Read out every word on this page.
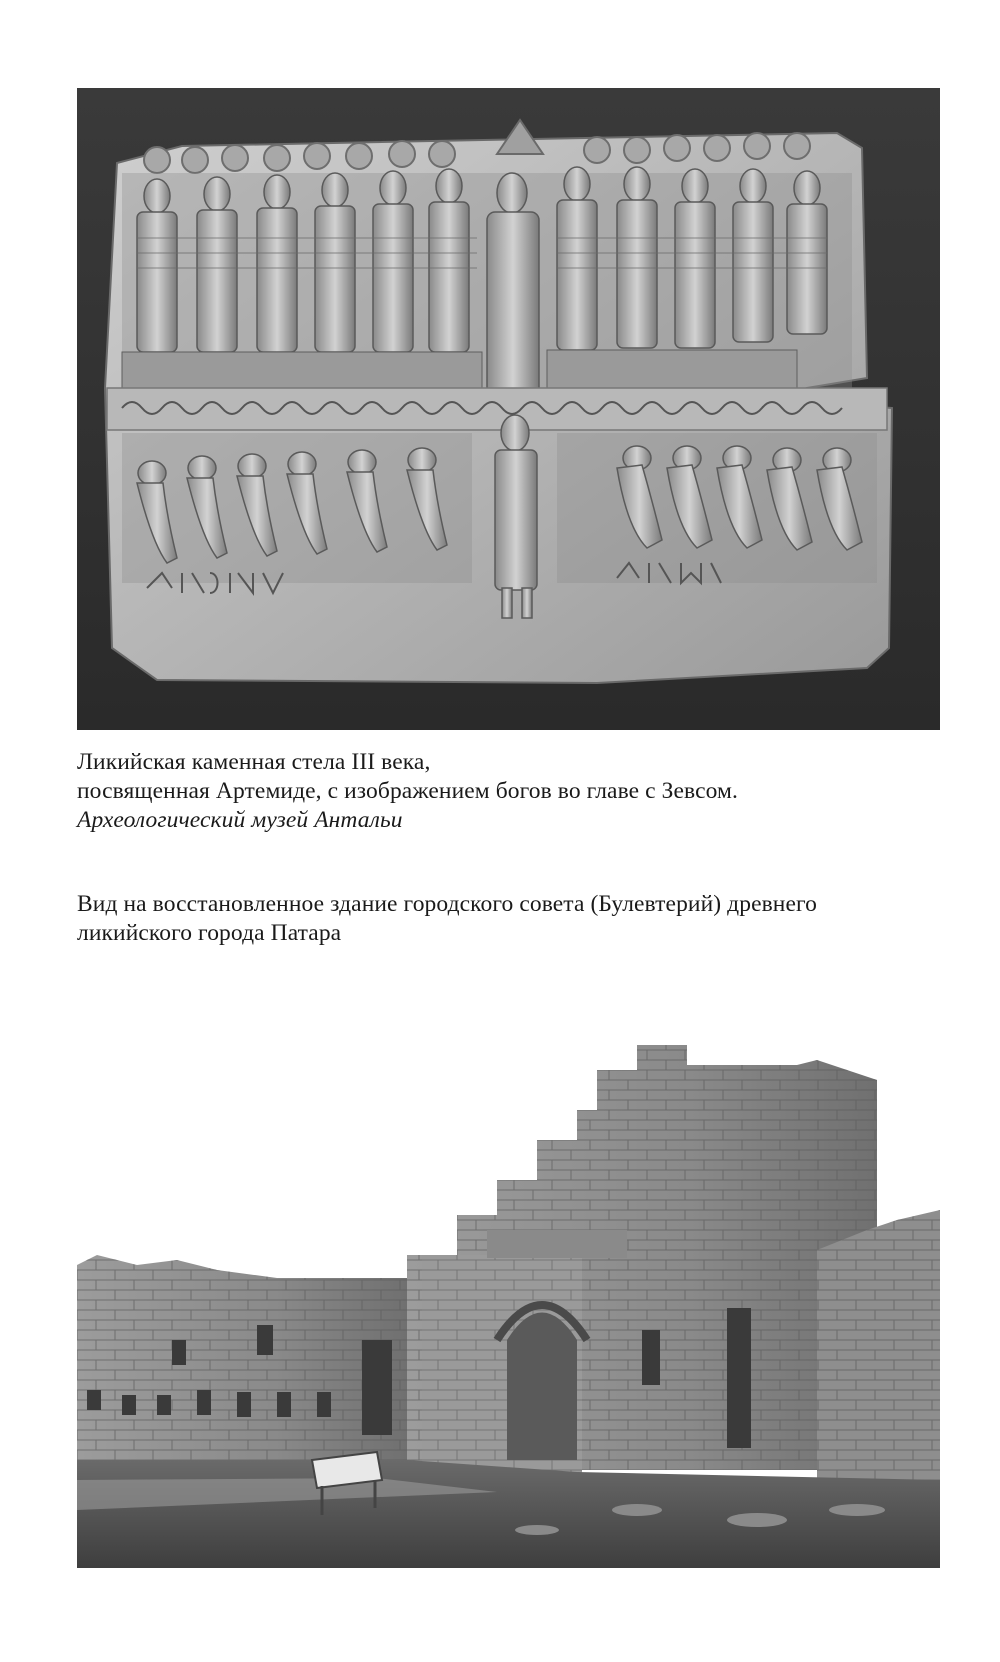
Ликийская каменная стела III века,
посвященная Артемиде, с изображением богов во главе с Зевсом.
Археологический музей Антальи
Вид на восстановленное здание городского совета (Булевтерий) древнего
ликийского города Патара
